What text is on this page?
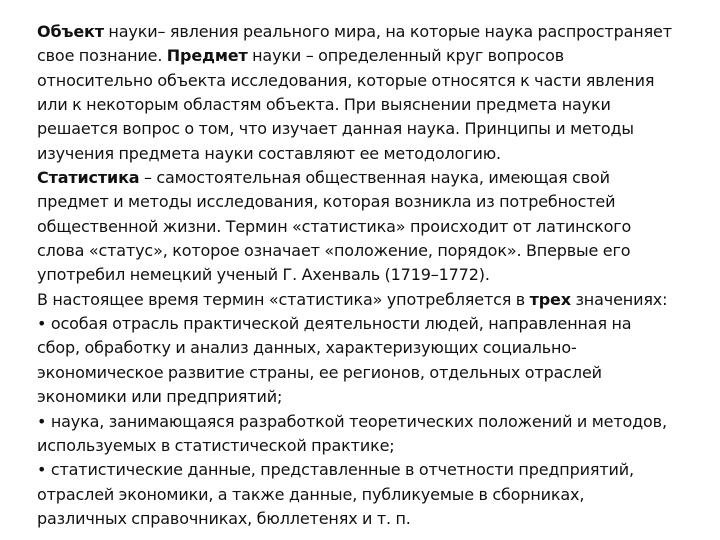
Объект науки– явления реального мира, на которые наука распространяет
свое познание. Предмет науки – определенный круг вопросов
относительно объекта исследования, которые относятся к части явления
или к некоторым областям объекта. При выяснении предмета науки
решается вопрос о том, что изучает данная наука. Принципы и методы
изучения предмета науки составляют ее методологию.
Статистика – самостоятельная общественная наука, имеющая свой
предмет и методы исследования, которая возникла из потребностей
общественной жизни. Термин «статистика» происходит от латинского
слова «статус», которое означает «положение, порядок». Впервые его
употребил немецкий ученый Г. Ахенваль (1719–1772).
В настоящее время термин «статистика» употребляется в трех значениях:
• особая отрасль практической деятельности людей, направленная на
сбор, обработку и анализ данных, характеризующих социально-
экономическое развитие страны, ее регионов, отдельных отраслей
экономики или предприятий;
• наука, занимающаяся разработкой теоретических положений и методов,
используемых в статистической практике;
• статистические данные, представленные в отчетности предприятий,
отраслей экономики, а также данные, публикуемые в сборниках,
различных справочниках, бюллетенях и т. п.
